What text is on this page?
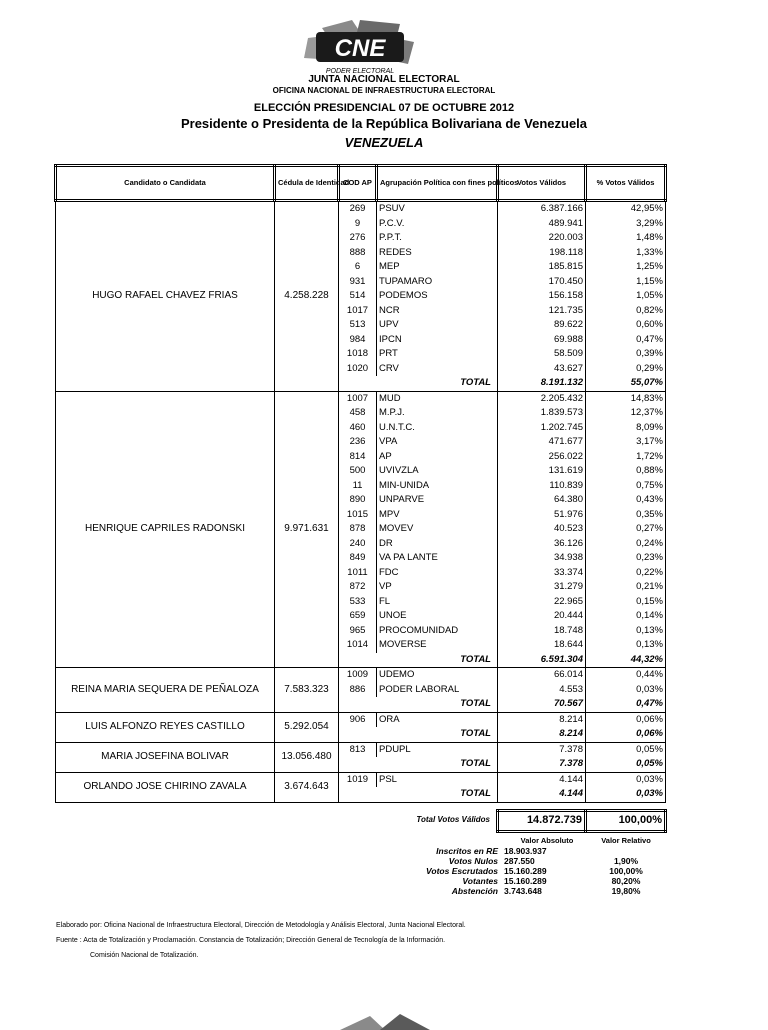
CNE
PODER ELECTORAL
JUNTA NACIONAL ELECTORAL
OFICINA NACIONAL DE INFRAESTRUCTURA ELECTORAL
ELECCIÓN PRESIDENCIAL 07 DE OCTUBRE 2012
Presidente o Presidenta de la República Bolivariana de Venezuela
VENEZUELA
Candidato o Candidata	Cédula de Identidad	COD AP	Agrupación Política con fines políticos	Votos Válidos	% Votos Válidos
HUGO RAFAEL CHAVEZ FRIAS	4.258.228	269	PSUV	6.387.166	42,95%
		9	P.C.V.	489.941	3,29%
		276	P.P.T.	220.003	1,48%
		888	REDES	198.118	1,33%
		6	MEP	185.815	1,25%
		931	TUPAMARO	170.450	1,15%
		514	PODEMOS	156.158	1,05%
		1017	NCR	121.735	0,82%
		513	UPV	89.622	0,60%
		984	IPCN	69.988	0,47%
		1018	PRT	58.509	0,39%
		1020	CRV	43.627	0,29%
		TOTAL		8.191.132	55,07%
HENRIQUE CAPRILES RADONSKI	9.971.631	1007	MUD	2.205.432	14,83%
		458	M.P.J.	1.839.573	12,37%
		460	U.N.T.C.	1.202.745	8,09%
		236	VPA	471.677	3,17%
		814	AP	256.022	1,72%
		500	UVIVZLA	131.619	0,88%
		11	MIN-UNIDA	110.839	0,75%
		890	UNPARVE	64.380	0,43%
		1015	MPV	51.976	0,35%
		878	MOVEV	40.523	0,27%
		240	DR	36.126	0,24%
		849	VA PA LANTE	34.938	0,23%
		1011	FDC	33.374	0,22%
		872	VP	31.279	0,21%
		533	FL	22.965	0,15%
		659	UNOE	20.444	0,14%
		965	PROCOMUNIDAD	18.748	0,13%
		1014	MOVERSE	18.644	0,13%
		TOTAL		6.591.304	44,32%
REINA MARIA SEQUERA DE PEÑALOZA	7.583.323	1009	UDEMO	66.014	0,44%
		886	PODER LABORAL	4.553	0,03%
		TOTAL		70.567	0,47%
LUIS ALFONZO REYES CASTILLO	5.292.054	906	ORA	8.214	0,06%
		TOTAL		8.214	0,06%
MARIA JOSEFINA BOLIVAR	13.056.480	813	PDUPL	7.378	0,05%
		TOTAL		7.378	0,05%
ORLANDO JOSE CHIRINO ZAVALA	3.674.643	1019	PSL	4.144	0,03%
		TOTAL		4.144	0,03%

Total Votos Válidos				14.872.739	100,00%
	Valor Absoluto	Valor Relativo
Inscritos en RE	18.903.937	
Votos Nulos	287.550	1,90%
Votos Escrutados	15.160.289	100,00%
Votantes	15.160.289	80,20%
Abstención	3.743.648	19,80%
Elaborado por: Oficina Nacional de Infraestructura Electoral, Dirección de Metodología y Análisis Electoral, Junta Nacional Electoral.
Fuente : Acta de Totalización y Proclamación. Constancia de Totalización; Dirección General de Tecnología de la Información.
Comisión Nacional de Totalización.
